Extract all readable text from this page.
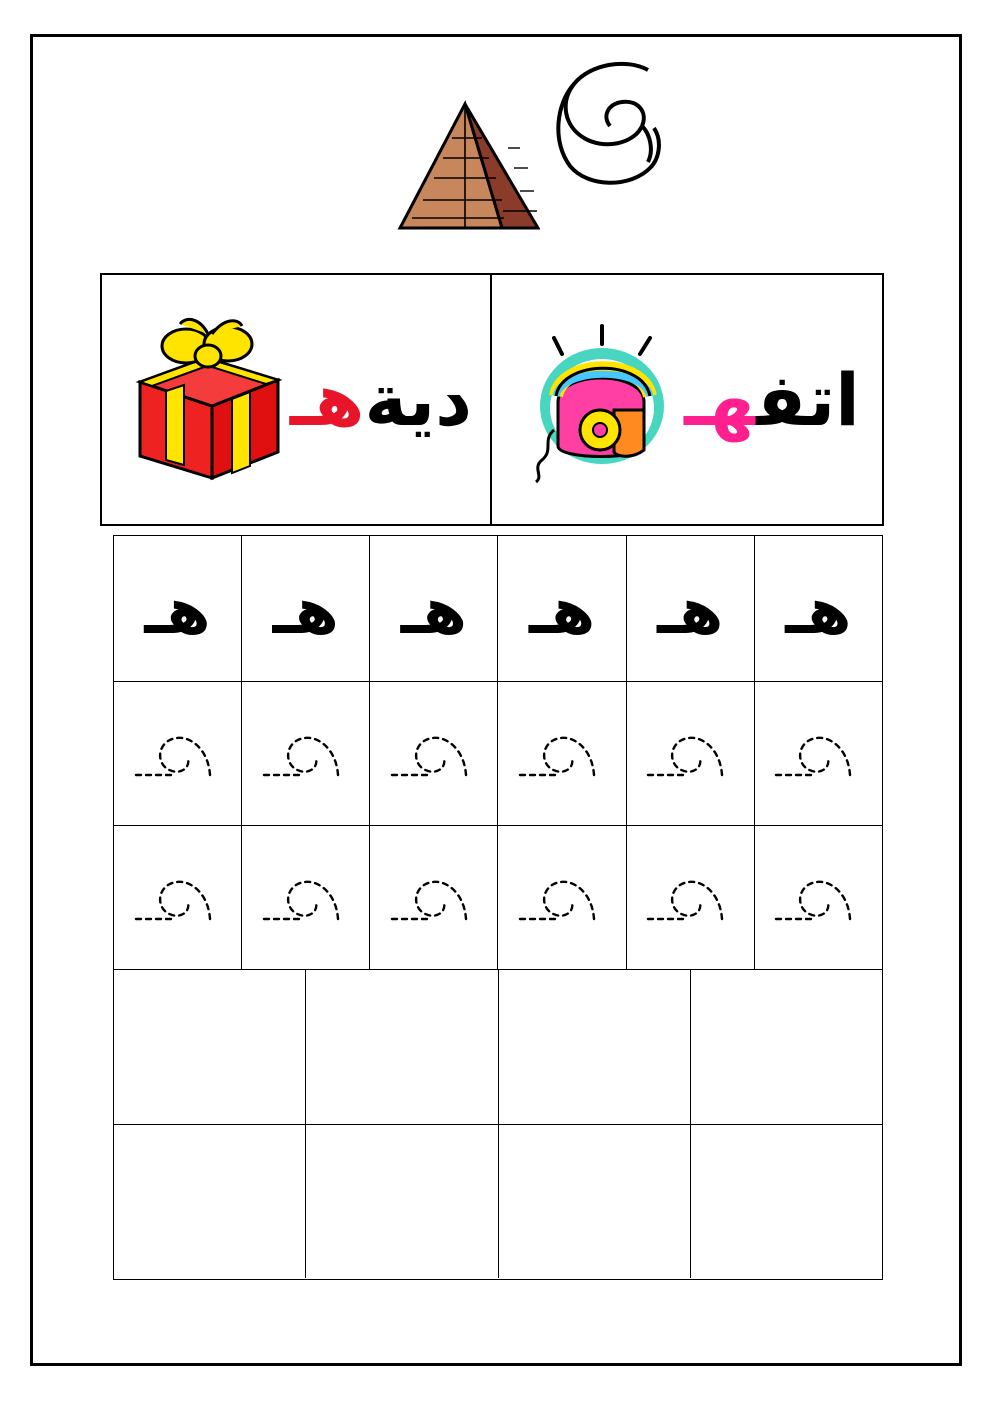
ديةهـ	اتفهـ
هـ
هـ
هـ
هـ
هـ
هـ
